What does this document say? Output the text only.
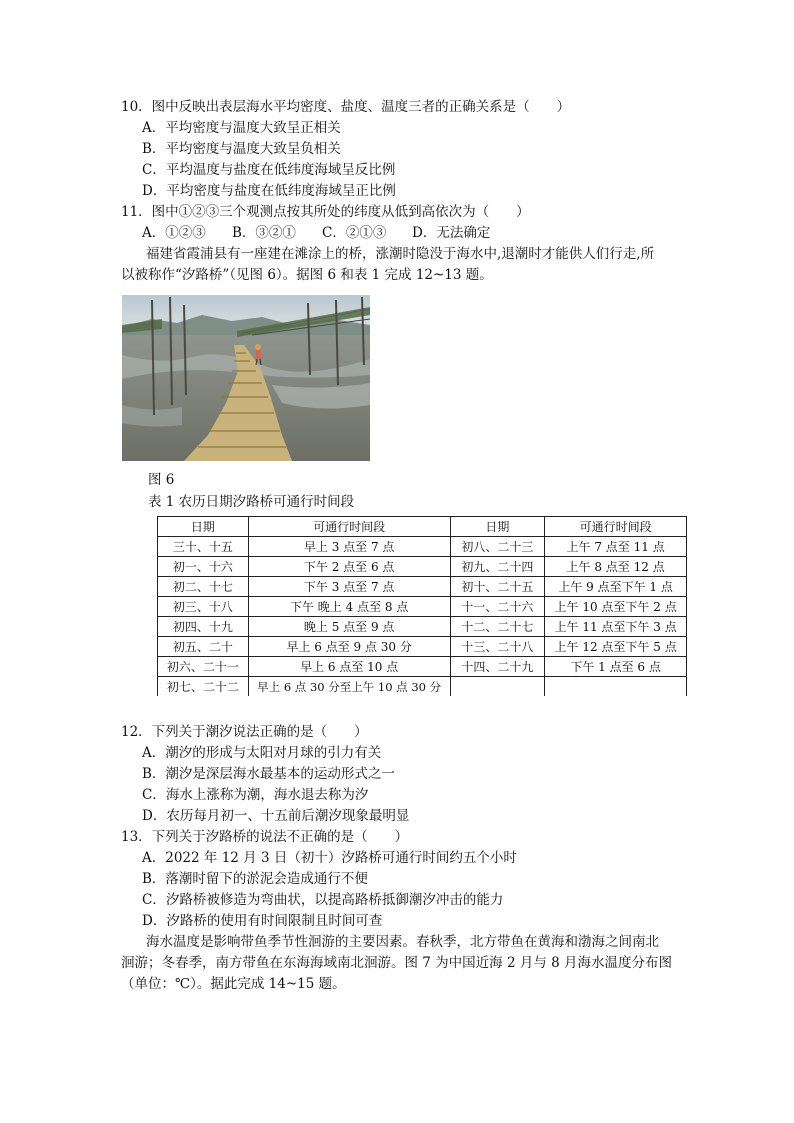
10．图中反映出表层海水平均密度、盐度、温度三者的正确关系是（　　）
A．平均密度与温度大致呈正相关
B．平均密度与温度大致呈负相关
C．平均温度与盐度在低纬度海域呈反比例
D．平均密度与盐度在低纬度海域呈正比例
11．图中①②③三个观测点按其所处的纬度从低到高依次为（　　）
A．①②③ B．③②① C．②①③ D．无法确定
福建省霞浦县有一座建在滩涂上的桥，涨潮时隐没于海水中,退潮时才能供人们行走,所
以被称作“汐路桥”（见图 6）。据图 6 和表 1 完成 12~13 题。
图 6
表 1 农历日期汐路桥可通行时间段
日期	可通行时间段	日期	可通行时间段
三十、十五	早上 3 点至 7 点	初八、二十三	上午 7 点至 11 点
初一、十六	下午 2 点至 6 点	初九、二十四	上午 8 点至 12 点
初二、十七	下午 3 点至 7 点	初十、二十五	上午 9 点至下午 1 点
初三、十八	下午 晚上 4 点至 8 点	十一、二十六	上午 10 点至下午 2 点
初四、十九	晚上 5 点至 9 点	十二、二十七	上午 11 点至下午 3 点
初五、二十	早上 6 点至 9 点 30 分	十三、二十八	上午 12 点至下午 5 点
初六、二十一	早上 6 点至 10 点	十四、二十九	下午 1 点至 6 点
初七、二十二	早上 6 点 30 分至上午 10 点 30 分		
12．下列关于潮汐说法正确的是（　　）
A．潮汐的形成与太阳对月球的引力有关
B．潮汐是深层海水最基本的运动形式之一
C．海水上涨称为潮，海水退去称为汐
D．农历每月初一、十五前后潮汐现象最明显
13．下列关于汐路桥的说法不正确的是（　　）
A．2022 年 12 月 3 日（初十）汐路桥可通行时间约五个小时
B．落潮时留下的淤泥会造成通行不便
C．汐路桥被修造为弯曲状，以提高路桥抵御潮汐冲击的能力
D．汐路桥的使用有时间限制且时间可查
海水温度是影响带鱼季节性洄游的主要因素。春秋季，北方带鱼在黄海和渤海之间南北
洄游；冬春季，南方带鱼在东海海域南北洄游。图 7 为中国近海 2 月与 8 月海水温度分布图
（单位：℃）。据此完成 14~15 题。
